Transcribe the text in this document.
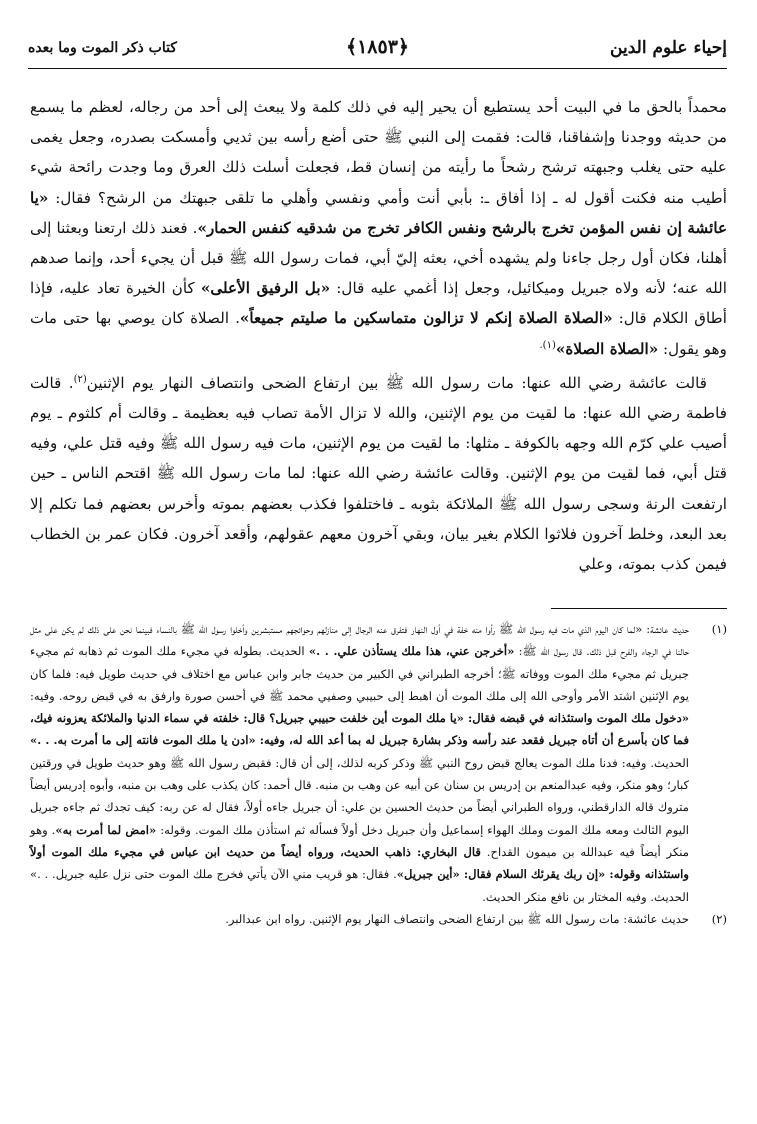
إحياء علوم الدين
﴿١٨٥٣﴾
كتاب ذكر الموت وما بعده

محمداً بالحق ما في البيت أحد يستطيع أن يحير إليه في ذلك كلمة ولا يبعث إلى أحد من رجاله، لعظم ما يسمع من حديثه ووجدنا وإشفاقنا، قالت: فقمت إلى النبي ﷺ حتى أضع رأسه بين ثديي وأمسكت بصدره، وجعل يغمى عليه حتى يغلب وجبهته ترشح رشحاً ما رأيته من إنسان قط، فجعلت أسلت ذلك العرق وما وجدت رائحة شيء أطيب منه فكنت أقول له ـ إذا أفاق ـ: بأبي أنت وأمي ونفسي وأهلي ما تلقى جبهتك من الرشح؟ فقال: «يا عائشة إن نفس المؤمن تخرج بالرشح ونفس الكافر تخرج من شدقيه كنفس الحمار». فعند ذلك ارتعنا وبعثنا إلى أهلنا، فكان أول رجل جاءنا ولم يشهده أخي، بعثه إليّ أبي، فمات رسول الله ﷺ قبل أن يجيء أحد، وإنما صدهم الله عنه؛ لأنه ولاه جبريل وميكائيل، وجعل إذا أغمي عليه قال: «بل الرفيق الأعلى» كأن الخيرة تعاد عليه، فإذا أطاق الكلام قال: «الصلاة الصلاة إنكم لا تزالون متماسكين ما صليتم جميعاً». الصلاة كان يوصي بها حتى مات وهو يقول: «الصلاة الصلاة»$^{(١).}$

قالت عائشة رضي الله عنها: مات رسول الله ﷺ بين ارتفاع الضحى وانتصاف النهار يوم الإثنين$^{(٢)}$. قالت فاطمة رضي الله عنها: ما لقيت من يوم الإثنين، والله لا تزال الأمة تصاب فيه بعظيمة ـ وقالت أم كلثوم ـ يوم أصيب علي كرّم الله وجهه بالكوفة ـ مثلها: ما لقيت من يوم الإثنين، مات فيه رسول الله ﷺ وفيه قتل علي، وفيه قتل أبي، فما لقيت من يوم الإثنين. وقالت عائشة رضي الله عنها: لما مات رسول الله ﷺ اقتحم الناس ـ حين ارتفعت الرنة وسجى رسول الله ﷺ الملائكة بثوبه ـ فاختلفوا فكذب بعضهم بموته وأخرس بعضهم فما تكلم إلا بعد البعد، وخلط آخرون فلاثوا الكلام بغير بيان، وبقي آخرون معهم عقولهم، وأقعد آخرون. فكان عمر بن الخطاب فيمن كذب بموته، وعلي

(١)
حديث عائشة: «لما كان اليوم الذي مات فيه رسول الله ﷺ رأوا منه خفة في أول النهار فتفرق عنه الرجال إلى منازلهم وحوائجهم مستبشرين وأخلوا رسول الله ﷺ بالنساء فبينما نحن على ذلك لم يكن على مثل حالنا في الرجاء والفرح قبل ذلك. قال رسول الله ﷺ: «أخرجن عني، هذا ملك يستأذن علي. . .» الحديث. بطوله في مجيء ملك الموت ثم ذهابه ثم مجيء جبريل ثم مجيء ملك الموت ووفاته ﷺ؛ أخرجه الطبراني في الكبير من حديث جابر وابن عباس مع اختلاف في حديث طويل فيه: فلما كان يوم الإثنين اشتد الأمر وأوحى الله إلى ملك الموت أن اهبط إلى حبيبي وصفيي محمد ﷺ في أحسن صورة وارفق به في قبض روحه. وفيه: «دخول ملك الموت واستئذانه في قبضه فقال: «يا ملك الموت أين خلفت حبيبي جبريل؟ قال: خلفته في سماء الدنيا والملائكة يعزونه فيك، فما كان بأسرع أن أتاه جبريل فقعد عند رأسه وذكر بشارة جبريل له بما أعد الله له، وفيه: «ادن يا ملك الموت فانته إلى ما أمرت به. . .» الحديث. وفيه: فدنا ملك الموت يعالج قبض روح النبي ﷺ وذكر كربه لذلك، إلى أن قال: فقبض رسول الله ﷺ وهو حديث طويل في ورقتين كبار؛ وهو منكر، وفيه عبدالمنعم بن إدريس بن سنان عن أبيه عن وهب بن منبه. قال أحمد: كان يكذب على وهب بن منبه، وأبوه إدريس أيضاً متروك قاله الدارقطني، ورواه الطبراني أيضاً من حديث الحسين بن علي: أن جبريل جاءه أولاً، فقال له عن ربه: كيف تجدك ثم جاءه جبريل اليوم الثالث ومعه ملك الموت وملك الهواء إسماعيل وأن جبريل دخل أولاً فسأله ثم استأذن ملك الموت. وقوله: «امض لما أمرت به». وهو منكر أيضاً فيه عبدالله بن ميمون القداح. قال البخاري: ذاهب الحديث، ورواه أيضاً من حديث ابن عباس في مجيء ملك الموت أولاً واستئذانه وقوله: «إن ربك يقرئك السلام فقال: «أين جبريل». فقال: هو قريب مني الآن يأتي فخرج ملك الموت حتى نزل عليه جبريل. . .» الحديث. وفيه المختار بن نافع منكر الحديث.
(٢)
حديث عائشة: مات رسول الله ﷺ بين ارتفاع الضحى وانتصاف النهار يوم الإثنين. رواه ابن عبدالبر.
